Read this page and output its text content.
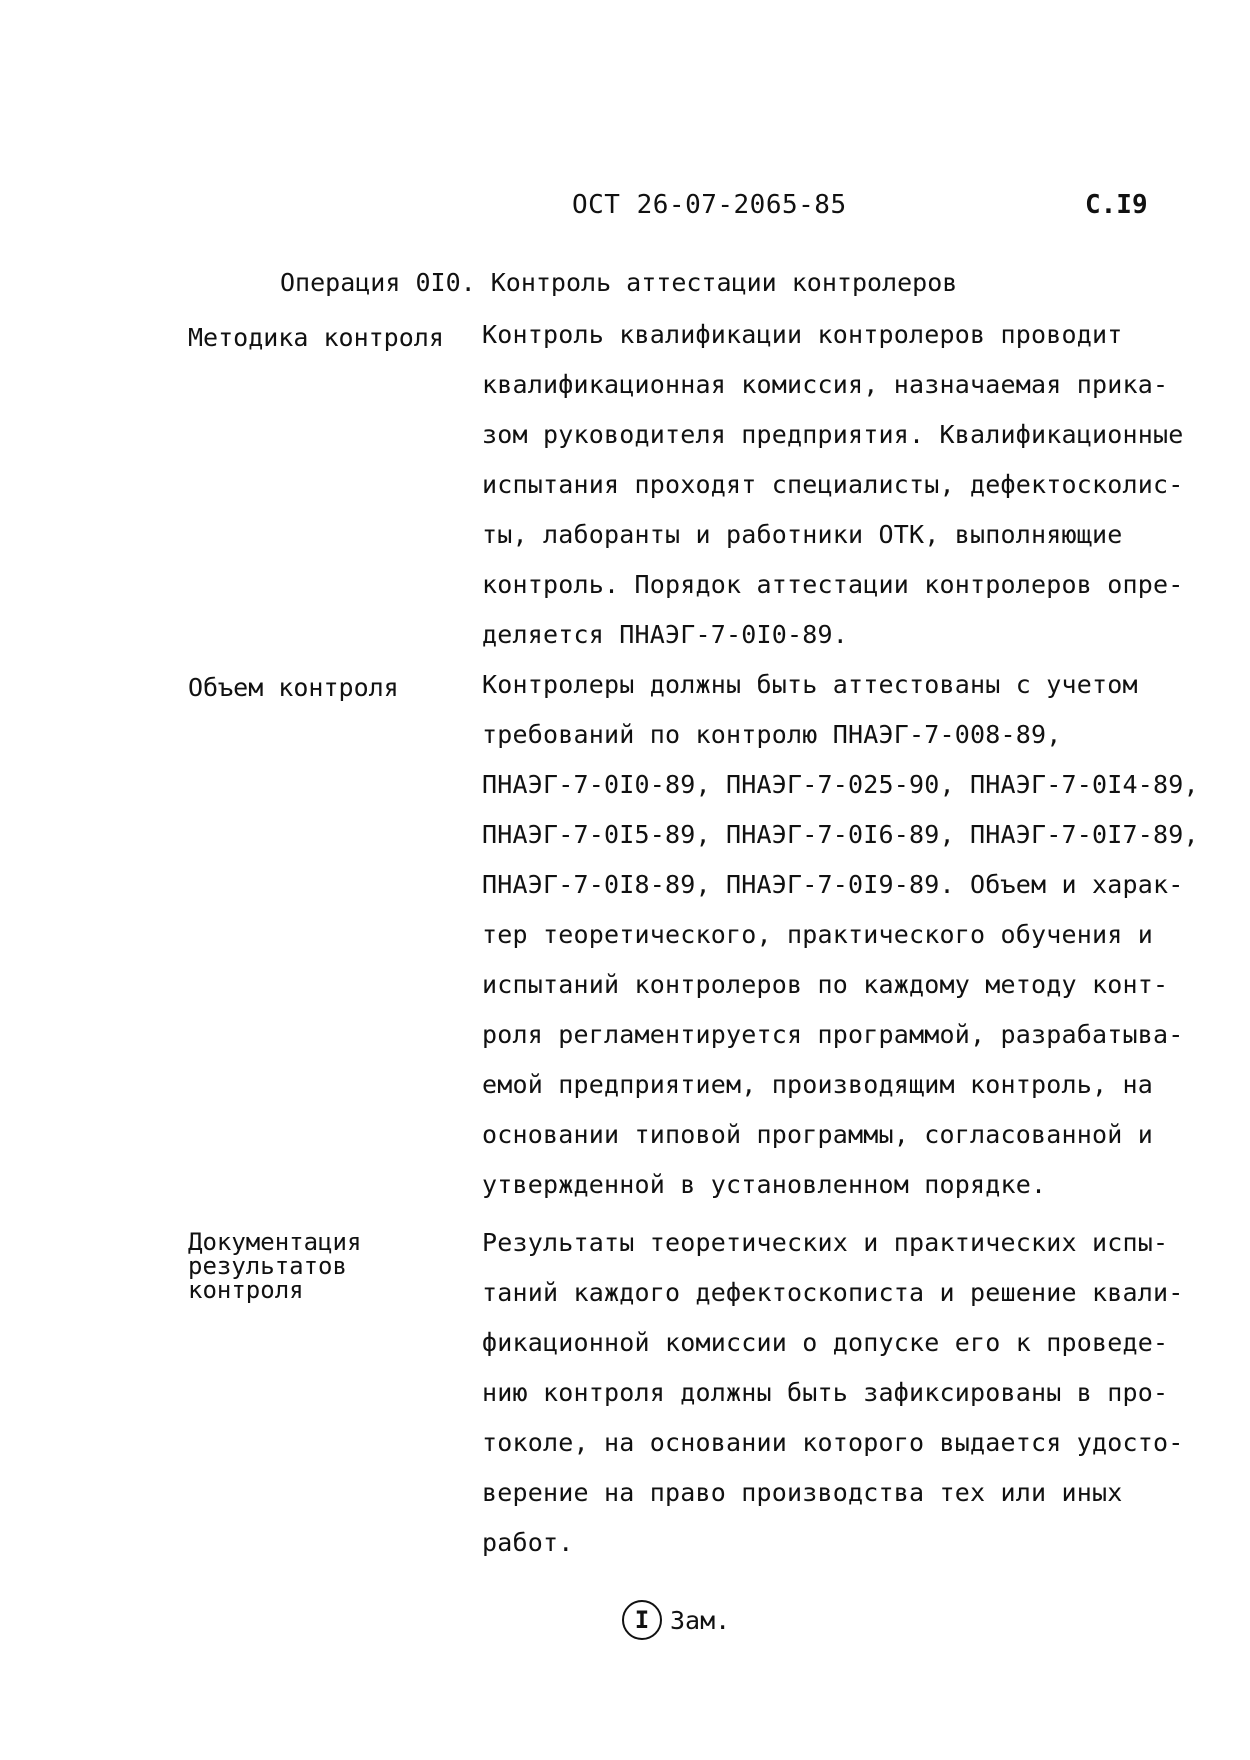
ОСТ 26-07-2065-85	С.I9
Операция 0I0. Контроль аттестации контролеров
Методика контроля Контроль квалификации контролеров проводит
квалификационная комиссия, назначаемая прика-
зом руководителя предприятия. Квалификационные
испытания проходят специалисты, дефектосколис-
ты, лаборанты и работники ОТК, выполняющие
контроль. Порядок аттестации контролеров опре-
деляется ПНАЭГ-7-0I0-89.
Объем контроля	Контролеры должны быть аттестованы с учетом
требований по контролю ПНАЭГ-7-008-89,
ПНАЭГ-7-0I0-89, ПНАЭГ-7-025-90, ПНАЭГ-7-0I4-89,
ПНАЭГ-7-0I5-89, ПНАЭГ-7-0I6-89, ПНАЭГ-7-0I7-89,
ПНАЭГ-7-0I8-89, ПНАЭГ-7-0I9-89. Объем и харак-
тер теоретического, практического обучения и
испытаний контролеров по каждому методу конт-
роля регламентируется программой, разрабатыва-
емой предприятием, производящим контроль, на
основании типовой программы, согласованной и
утвержденной в установленном порядке.
Документация
результатов
контроля
Результаты теоретических и практических испы-
таний каждого дефектоскописта и решение квали-
фикационной комиссии о допуске его к проведе-
нию контроля должны быть зафиксированы в про-
токоле, на основании которого выдается удосто-
верение на право производства тех или иных
работ.
I Зам.
